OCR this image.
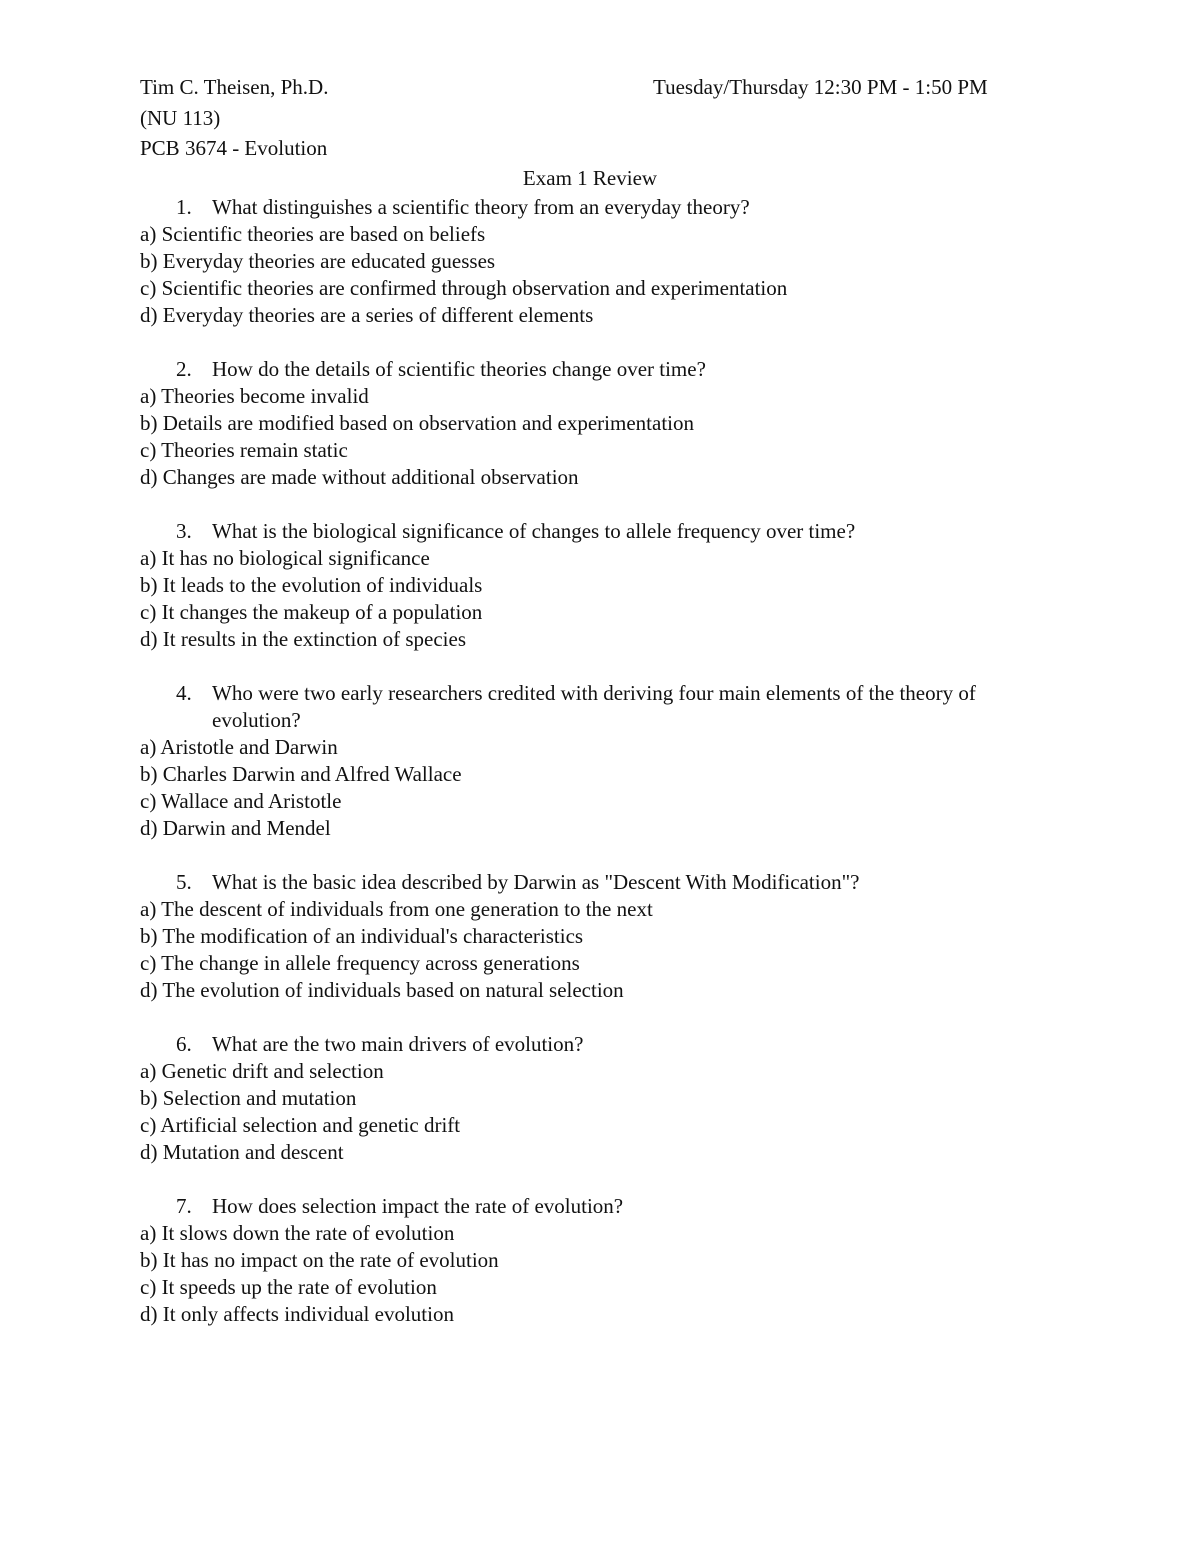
Tim C. Theisen, Ph.D.	Tuesday/Thursday 12:30 PM - 1:50 PM
(NU 113)
PCB 3674 - Evolution
Exam 1 Review
1. What distinguishes a scientific theory from an everyday theory?
a) Scientific theories are based on beliefs
b) Everyday theories are educated guesses
c) Scientific theories are confirmed through observation and experimentation
d) Everyday theories are a series of different elements
2. How do the details of scientific theories change over time?
a) Theories become invalid
b) Details are modified based on observation and experimentation
c) Theories remain static
d) Changes are made without additional observation
3. What is the biological significance of changes to allele frequency over time?
a) It has no biological significance
b) It leads to the evolution of individuals
c) It changes the makeup of a population
d) It results in the extinction of species
4. Who were two early researchers credited with deriving four main elements of the theory of evolution?
a) Aristotle and Darwin
b) Charles Darwin and Alfred Wallace
c) Wallace and Aristotle
d) Darwin and Mendel
5. What is the basic idea described by Darwin as "Descent With Modification"?
a) The descent of individuals from one generation to the next
b) The modification of an individual's characteristics
c) The change in allele frequency across generations
d) The evolution of individuals based on natural selection
6. What are the two main drivers of evolution?
a) Genetic drift and selection
b) Selection and mutation
c) Artificial selection and genetic drift
d) Mutation and descent
7. How does selection impact the rate of evolution?
a) It slows down the rate of evolution
b) It has no impact on the rate of evolution
c) It speeds up the rate of evolution
d) It only affects individual evolution
